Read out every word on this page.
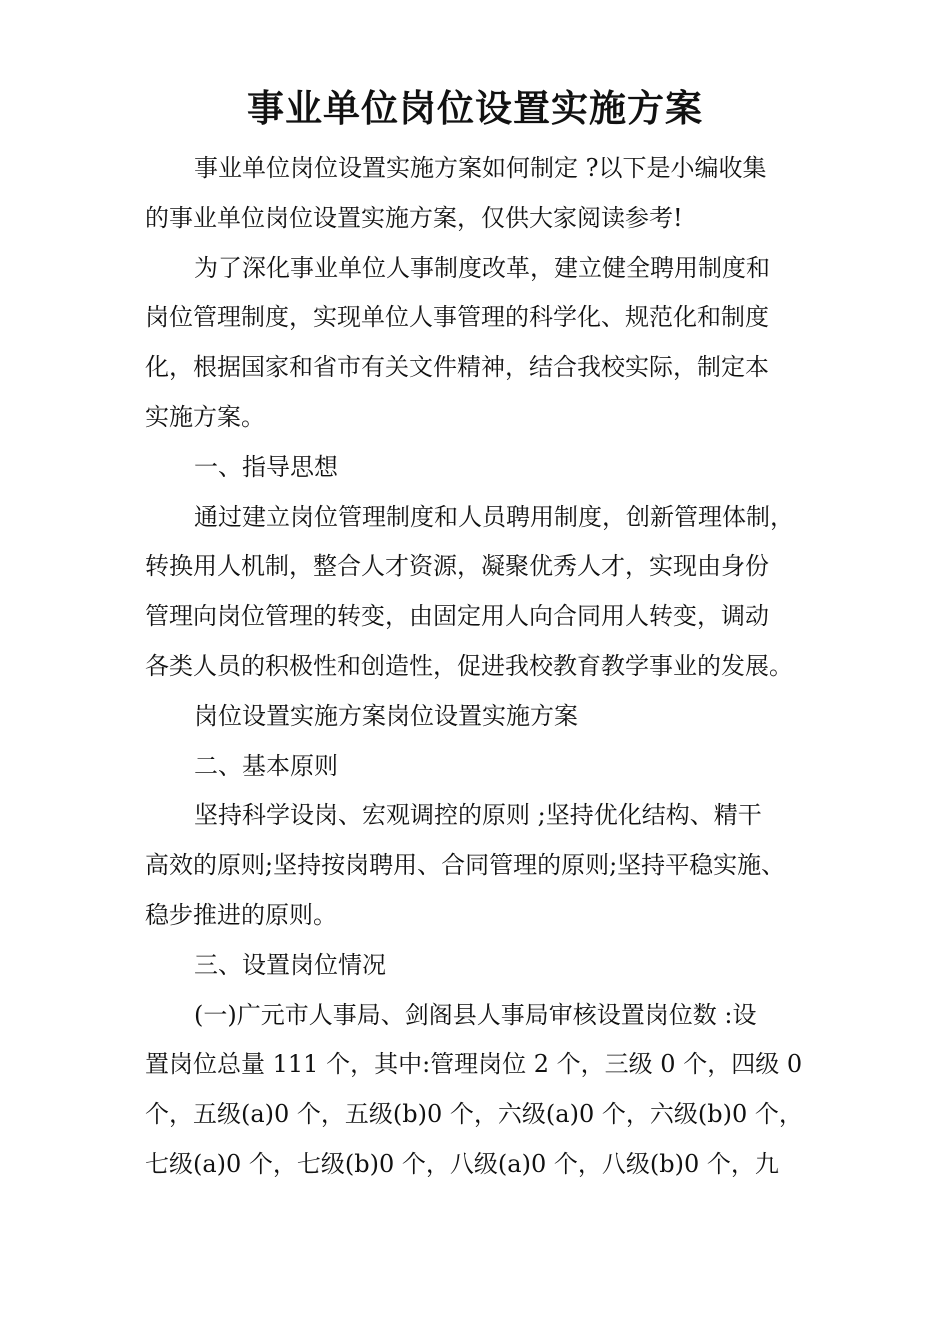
事业单位岗位设置实施方案
事业单位岗位设置实施方案如何制定 ?以下是小编收集
的事业单位岗位设置实施方案，仅供大家阅读参考!
为了深化事业单位人事制度改革，建立健全聘用制度和
岗位管理制度，实现单位人事管理的科学化、规范化和制度
化，根据国家和省市有关文件精神，结合我校实际，制定本
实施方案。
一、指导思想
通过建立岗位管理制度和人员聘用制度，创新管理体制，
转换用人机制，整合人才资源，凝聚优秀人才，实现由身份
管理向岗位管理的转变，由固定用人向合同用人转变，调动
各类人员的积极性和创造性，促进我校教育教学事业的发展。
岗位设置实施方案岗位设置实施方案
二、基本原则
坚持科学设岗、宏观调控的原则 ;坚持优化结构、精干
高效的原则;坚持按岗聘用、合同管理的原则;坚持平稳实施、
稳步推进的原则。
三、设置岗位情况
(一)广元市人事局、剑阁县人事局审核设置岗位数 :设
置岗位总量 111 个，其中:管理岗位 2 个，三级 0 个，四级 0
个，五级(a)0 个，五级(b)0 个，六级(a)0 个，六级(b)0 个，
七级(a)0 个，七级(b)0 个，八级(a)0 个，八级(b)0 个，九
